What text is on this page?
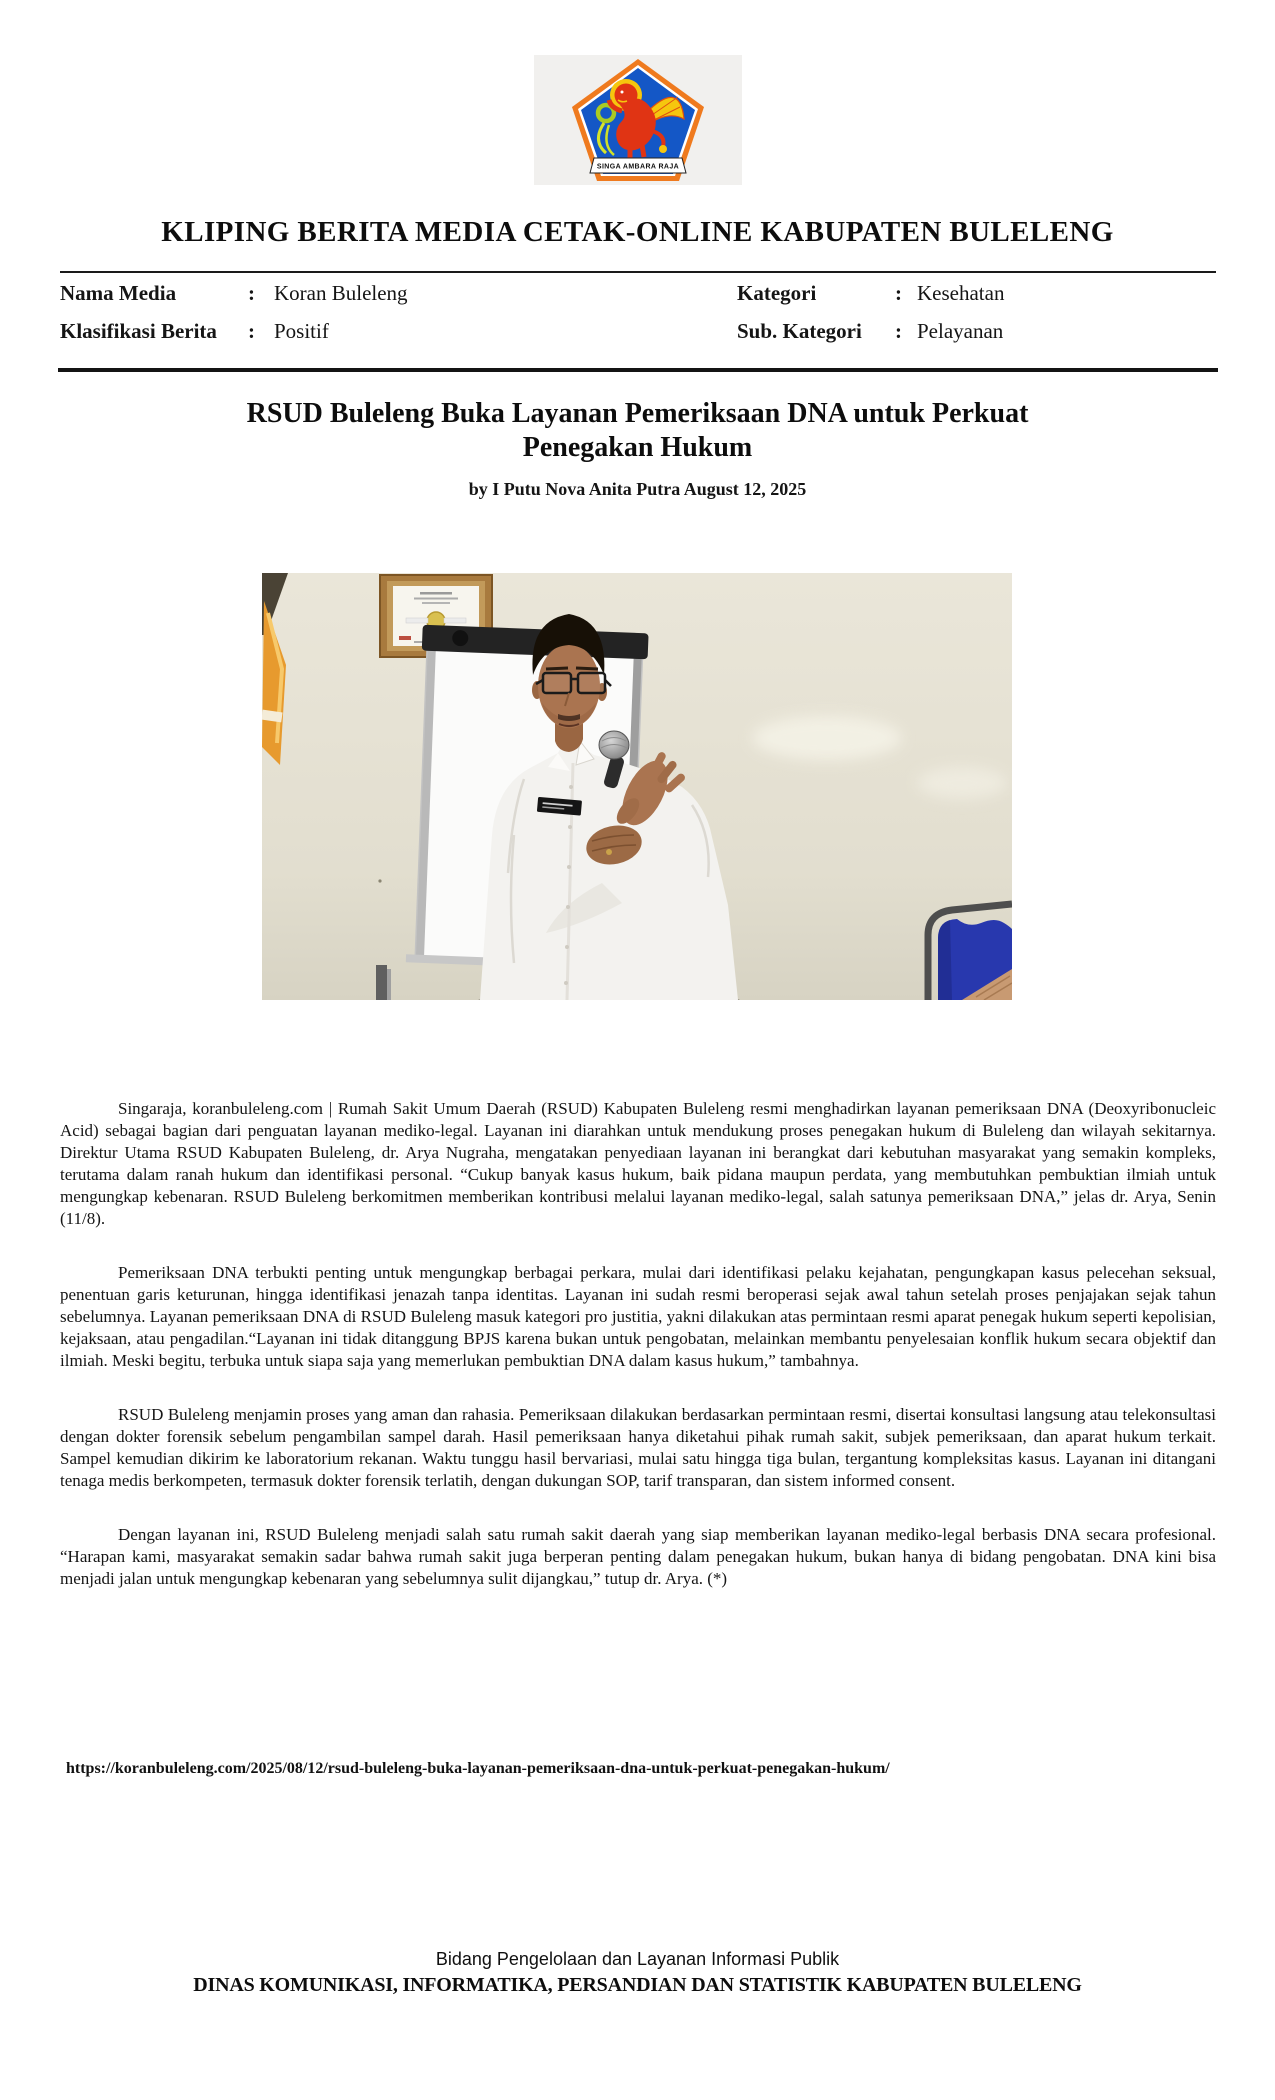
SINGA AMBARA RAJA
KLIPING BERITA MEDIA CETAK-ONLINE KABUPATEN BULELENG
Nama Media	: Koran Buleleng	Kategori	: Kesehatan
Klasifikasi Berita	: Positif	Sub. Kategori	: Pelayanan
RSUD Buleleng Buka Layanan Pemeriksaan DNA untuk Perkuat
Penegakan Hukum
by I Putu Nova Anita Putra August 12, 2025

Singaraja, koranbuleleng.com | Rumah Sakit Umum Daerah (RSUD) Kabupaten Buleleng resmi menghadirkan layanan pemeriksaan DNA (Deoxyribonucleic Acid) sebagai bagian dari penguatan layanan mediko-legal. Layanan ini diarahkan untuk mendukung proses penegakan hukum di Buleleng dan wilayah sekitarnya. Direktur Utama RSUD Kabupaten Buleleng, dr. Arya Nugraha, mengatakan penyediaan layanan ini berangkat dari kebutuhan masyarakat yang semakin kompleks, terutama dalam ranah hukum dan identifikasi personal. “Cukup banyak kasus hukum, baik pidana maupun perdata, yang membutuhkan pembuktian ilmiah untuk mengungkap kebenaran. RSUD Buleleng berkomitmen memberikan kontribusi melalui layanan mediko-legal, salah satunya pemeriksaan DNA,” jelas dr. Arya, Senin (11/8).

Pemeriksaan DNA terbukti penting untuk mengungkap berbagai perkara, mulai dari identifikasi pelaku kejahatan, pengungkapan kasus pelecehan seksual, penentuan garis keturunan, hingga identifikasi jenazah tanpa identitas. Layanan ini sudah resmi beroperasi sejak awal tahun setelah proses penjajakan sejak tahun sebelumnya. Layanan pemeriksaan DNA di RSUD Buleleng masuk kategori pro justitia, yakni dilakukan atas permintaan resmi aparat penegak hukum seperti kepolisian, kejaksaan, atau pengadilan.“Layanan ini tidak ditanggung BPJS karena bukan untuk pengobatan, melainkan membantu penyelesaian konflik hukum secara objektif dan ilmiah. Meski begitu, terbuka untuk siapa saja yang memerlukan pembuktian DNA dalam kasus hukum,” tambahnya.

RSUD Buleleng menjamin proses yang aman dan rahasia. Pemeriksaan dilakukan berdasarkan permintaan resmi, disertai konsultasi langsung atau telekonsultasi dengan dokter forensik sebelum pengambilan sampel darah. Hasil pemeriksaan hanya diketahui pihak rumah sakit, subjek pemeriksaan, dan aparat hukum terkait. Sampel kemudian dikirim ke laboratorium rekanan. Waktu tunggu hasil bervariasi, mulai satu hingga tiga bulan, tergantung kompleksitas kasus. Layanan ini ditangani tenaga medis berkompeten, termasuk dokter forensik terlatih, dengan dukungan SOP, tarif transparan, dan sistem informed consent.

Dengan layanan ini, RSUD Buleleng menjadi salah satu rumah sakit daerah yang siap memberikan layanan mediko-legal berbasis DNA secara profesional. “Harapan kami, masyarakat semakin sadar bahwa rumah sakit juga berperan penting dalam penegakan hukum, bukan hanya di bidang pengobatan. DNA kini bisa menjadi jalan untuk mengungkap kebenaran yang sebelumnya sulit dijangkau,” tutup dr. Arya. (*)

https://koranbuleleng.com/2025/08/12/rsud-buleleng-buka-layanan-pemeriksaan-dna-untuk-perkuat-penegakan-hukum/
Bidang Pengelolaan dan Layanan Informasi Publik
DINAS KOMUNIKASI, INFORMATIKA, PERSANDIAN DAN STATISTIK KABUPATEN BULELENG
